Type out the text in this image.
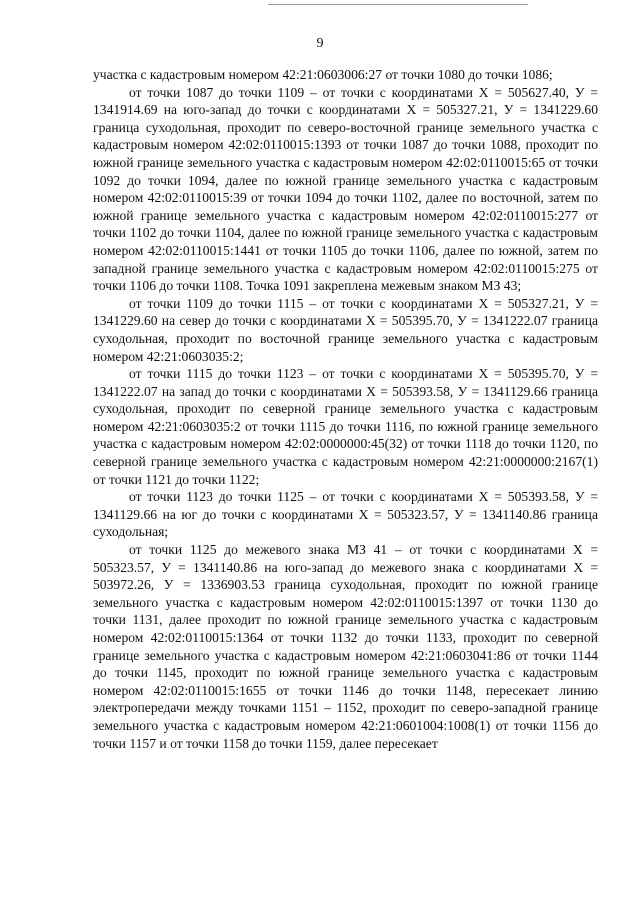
9

участка с кадастровым номером 42:21:0603006:27 от точки 1080 до точки 1086;

от точки 1087 до точки 1109 – от точки с координатами Х = 505627.40, У = 1341914.69 на юго-запад до точки с координатами Х = 505327.21, У = 1341229.60 граница суходольная, проходит по северо-восточной границе земельного участка с кадастровым номером 42:02:0110015:1393 от точки 1087 до точки 1088, проходит по южной границе земельного участка с кадастровым номером 42:02:0110015:65 от точки 1092 до точки 1094, далее по южной границе земельного участка с кадастровым номером 42:02:0110015:39 от точки 1094 до точки 1102, далее по восточной, затем по южной границе земельного участка с кадастровым номером 42:02:0110015:277 от точки 1102 до точки 1104, далее по южной границе земельного участка с кадастровым номером 42:02:0110015:1441 от точки 1105 до точки 1106, далее по южной, затем по западной границе земельного участка с кадастровым номером 42:02:0110015:275 от точки 1106 до точки 1108. Точка 1091 закреплена межевым знаком МЗ 43;

от точки 1109 до точки 1115 – от точки с координатами Х = 505327.21, У = 1341229.60 на север до точки с координатами Х = 505395.70, У = 1341222.07 граница суходольная, проходит по восточной границе земельного участка с кадастровым номером 42:21:0603035:2;

от точки 1115 до точки 1123 – от точки с координатами Х = 505395.70, У = 1341222.07 на запад до точки с координатами Х = 505393.58, У = 1341129.66 граница суходольная, проходит по северной границе земельного участка с кадастровым номером 42:21:0603035:2 от точки 1115 до точки 1116, по южной границе земельного участка с кадастровым номером 42:02:0000000:45(32) от точки 1118 до точки 1120, по северной границе земельного участка с кадастровым номером 42:21:0000000:2167(1) от точки 1121 до точки 1122;

от точки 1123 до точки 1125 – от точки с координатами Х = 505393.58, У = 1341129.66 на юг до точки с координатами Х = 505323.57, У = 1341140.86 граница суходольная;

от точки 1125 до межевого знака МЗ 41 – от точки с координатами Х = 505323.57, У = 1341140.86 на юго-запад до межевого знака с координатами Х = 503972.26, У = 1336903.53 граница суходольная, проходит по южной границе земельного участка с кадастровым номером 42:02:0110015:1397 от точки 1130 до точки 1131, далее проходит по южной границе земельного участка с кадастровым номером 42:02:0110015:1364 от точки 1132 до точки 1133, проходит по северной границе земельного участка с кадастровым номером 42:21:0603041:86 от точки 1144 до точки 1145, проходит по южной границе земельного участка с кадастровым номером 42:02:0110015:1655 от точки 1146 до точки 1148, пересекает линию электропередачи между точками 1151 – 1152, проходит по северо-западной границе земельного участка с кадастровым номером 42:21:0601004:1008(1) от точки 1156 до точки 1157 и от точки 1158 до точки 1159, далее пересекает
